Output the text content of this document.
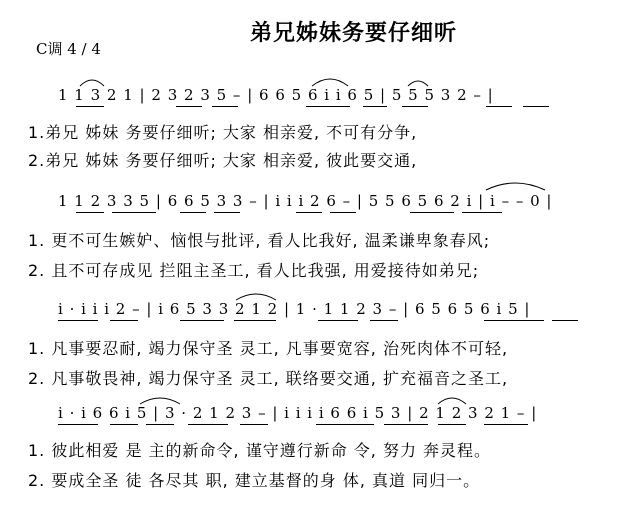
弟兄姊妹务要仔细听
C调 4 / 4
1 1 3 2 1 | 2 3 2 3 5 – | 6 6 5 6 i i 6 5 | 5 5 5 3 2 – |
1.弟兄 姊妹 务要仔细听; 大家 相亲爱, 不可有分争,
2.弟兄 姊妹 务要仔细听; 大家 相亲爱, 彼此要交通,
1 1 2 3 3 5 | 6 6 5 3 3 – | i i i 2 6 – | 5 5 6 5 6 2 i | i – – 0 |
1. 更不可生嫉妒、恼恨与批评, 看人比我好, 温柔谦卑象春风;
2. 且不可存成见 拦阻主圣工, 看人比我强, 用爱接待如弟兄;
i · i i i 2 – | i 6 5 3 3 2 1 2 | 1 · 1 1 2 3 – | 6 5 6 5 6 i 5 |
1. 凡事要忍耐, 竭力保守圣 灵工, 凡事要宽容, 治死肉体不可轻,
2. 凡事敬畏神, 竭力保守圣 灵工, 联络要交通, 扩充福音之圣工,
i · i 6 6 i 5 | 3 · 2 1 2 3 – | i i i i 6 6 i 5 3 | 2 1 2 3 2 1 – |
1. 彼此相爱 是 主的新命令, 谨守遵行新命 令, 努力 奔灵程。
2. 要成全圣 徒 各尽其 职, 建立基督的身 体, 真道 同归一。
